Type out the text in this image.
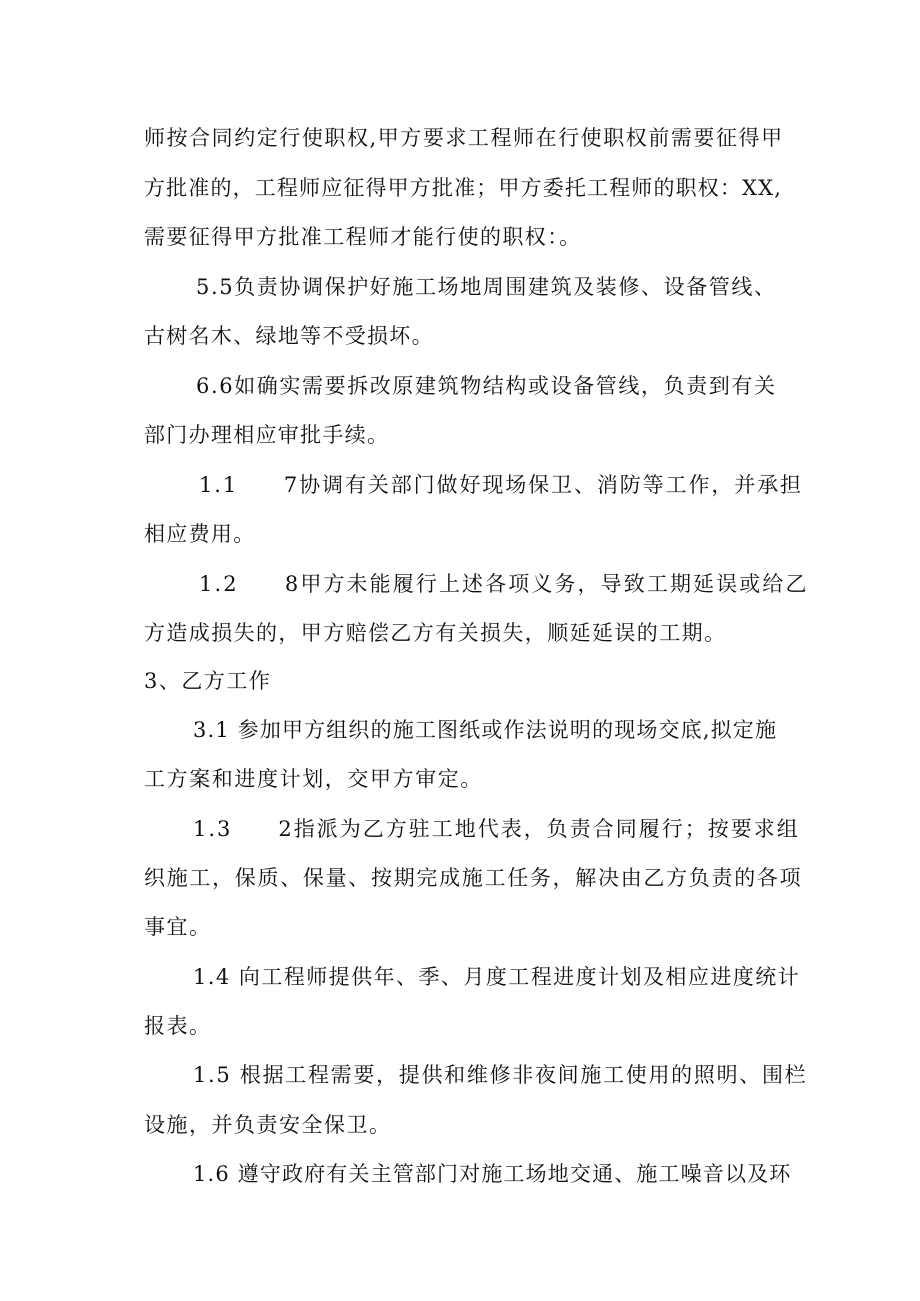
师按合同约定行使职权,甲方要求工程师在行使职权前需要征得甲
方批准的，工程师应征得甲方批准；甲方委托工程师的职权：XX,
需要征得甲方批准工程师才能行使的职权：。
5.5负责协调保护好施工场地周围建筑及装修、设备管线、
古树名木、绿地等不受损坏。
6.6如确实需要拆改原建筑物结构或设备管线，负责到有关
部门办理相应审批手续。
1.1　　7协调有关部门做好现场保卫、消防等工作，并承担
相应费用。
1.2　　8甲方未能履行上述各项义务，导致工期延误或给乙
方造成损失的，甲方赔偿乙方有关损失，顺延延误的工期。
3、乙方工作
3.1 参加甲方组织的施工图纸或作法说明的现场交底,拟定施
工方案和进度计划，交甲方审定。
1.3　　2指派为乙方驻工地代表，负责合同履行；按要求组
织施工，保质、保量、按期完成施工任务，解决由乙方负责的各项
事宜。
1.4 向工程师提供年、季、月度工程进度计划及相应进度统计
报表。
1.5 根据工程需要，提供和维修非夜间施工使用的照明、围栏
设施，并负责安全保卫。
1.6 遵守政府有关主管部门对施工场地交通、施工噪音以及环
